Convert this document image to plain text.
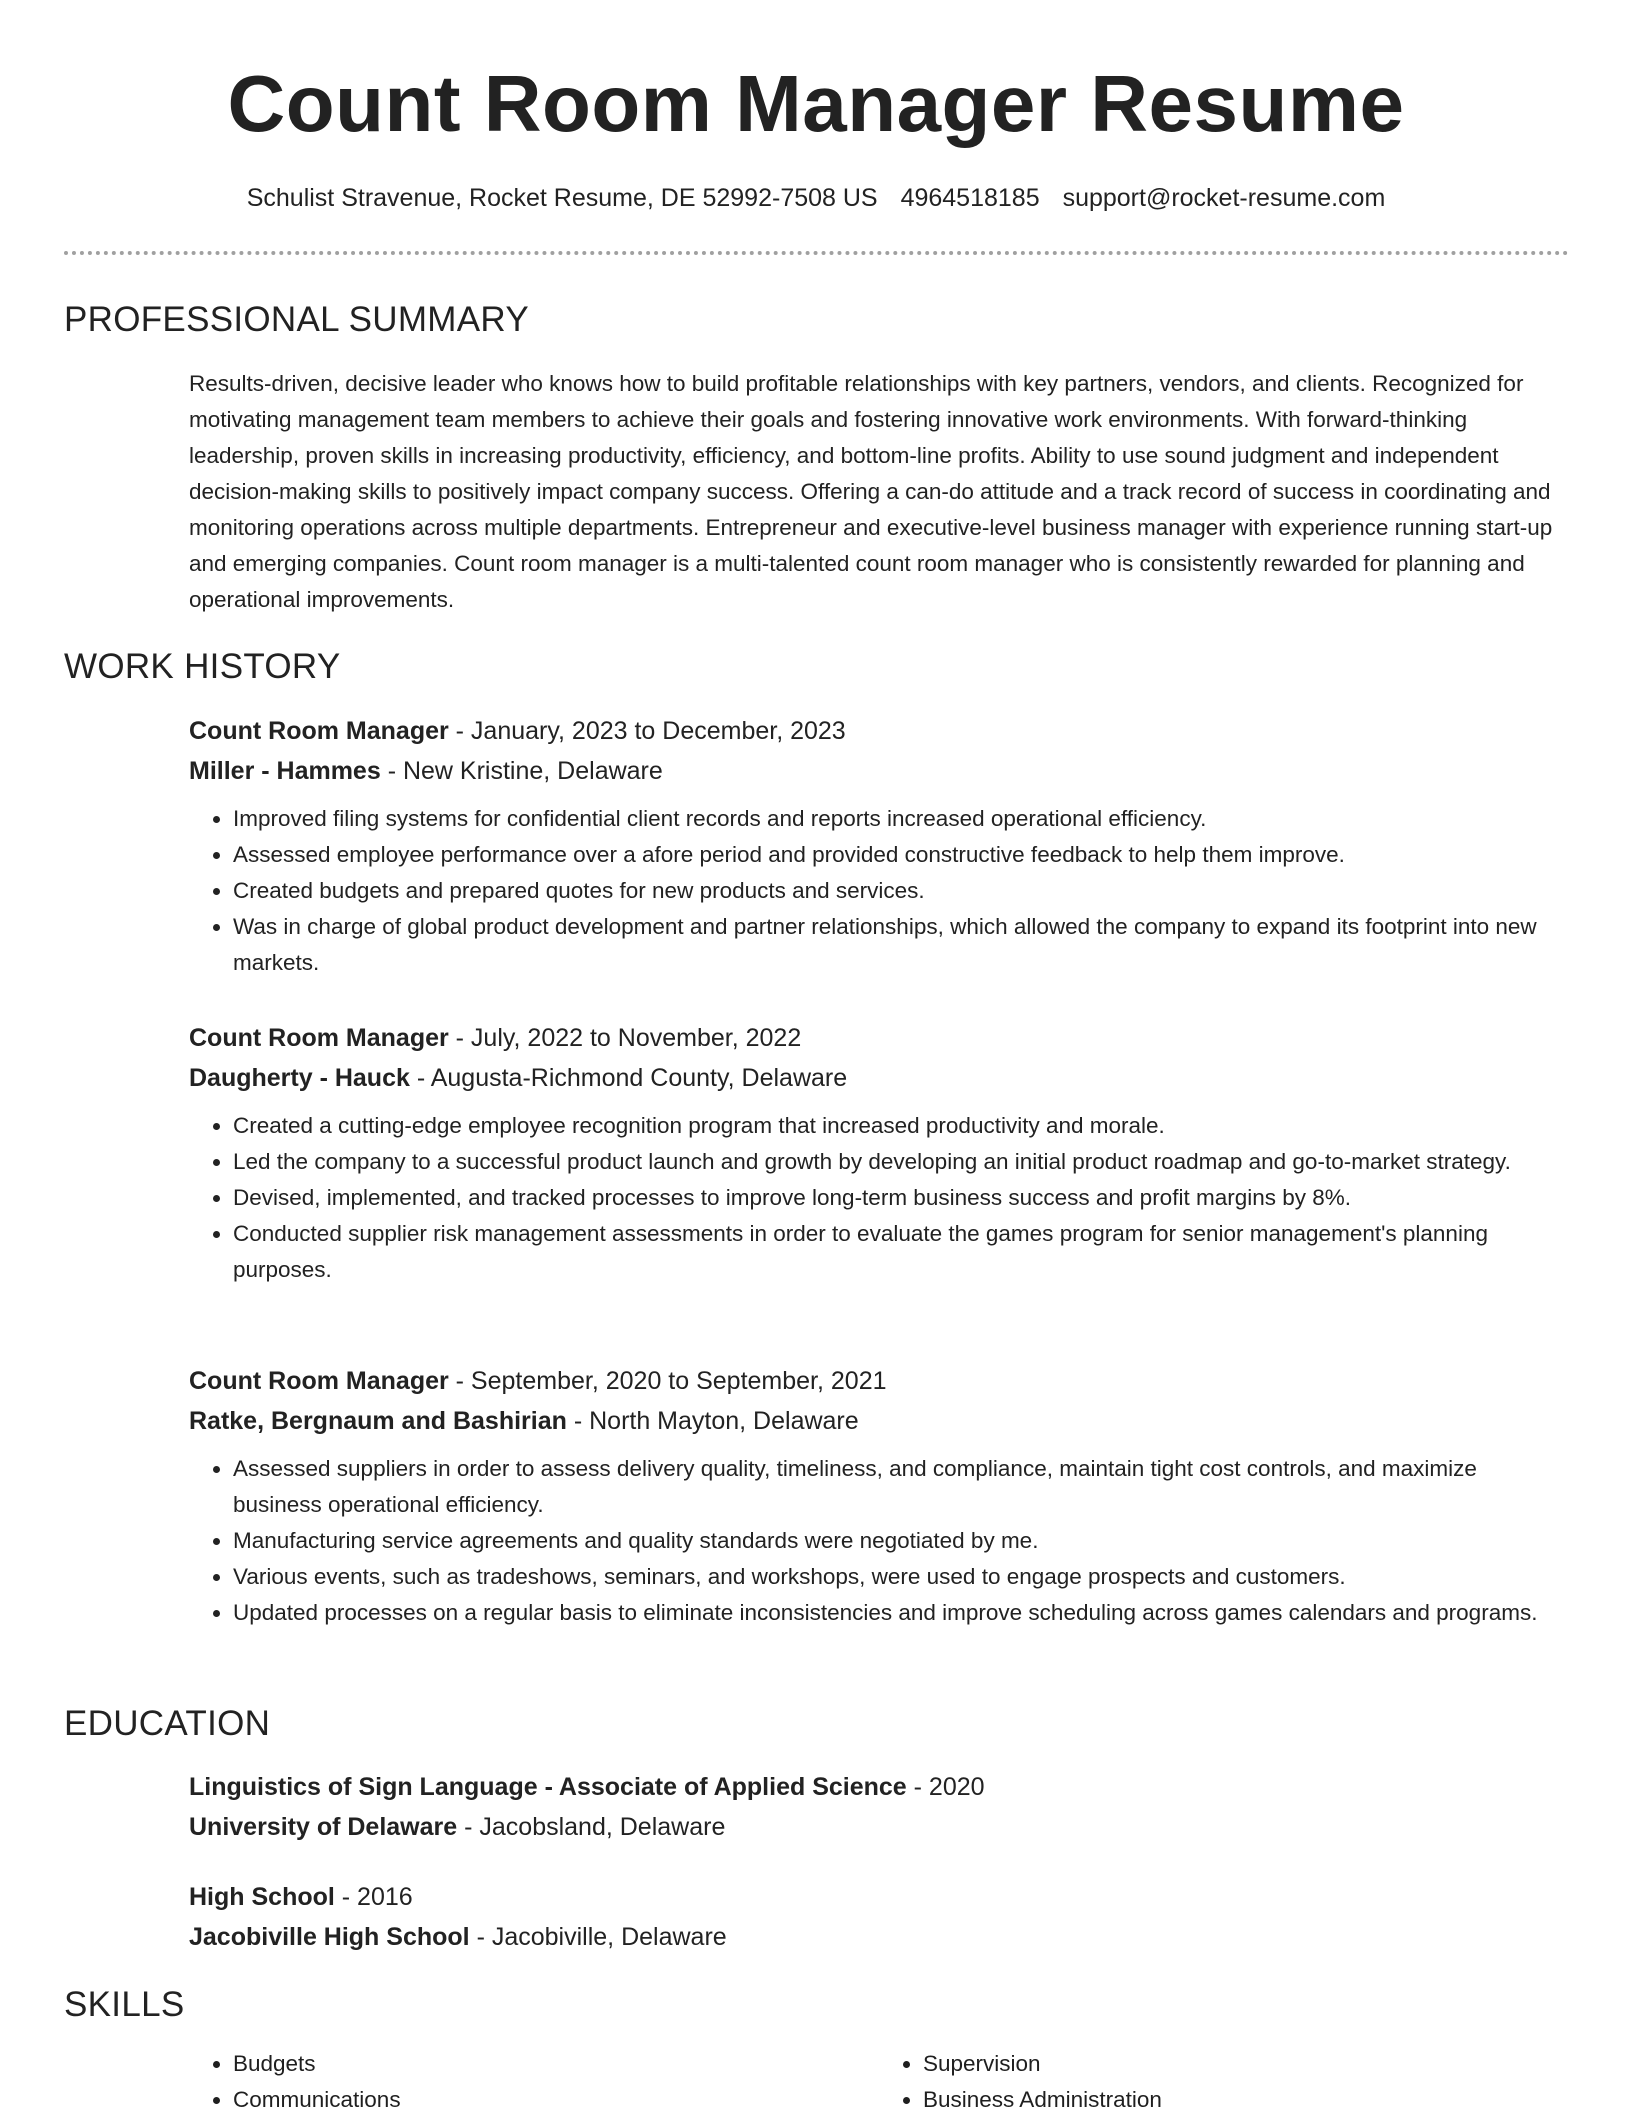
Count Room Manager Resume
Schulist Stravenue, Rocket Resume, DE 52992-7508 US 4964518185 support@rocket-resume.com
PROFESSIONAL SUMMARY

Results-driven, decisive leader who knows how to build profitable relationships with key partners, vendors, and clients. Recognized for motivating management team members to achieve their goals and fostering innovative work environments. With forward-thinking leadership, proven skills in increasing productivity, efficiency, and bottom-line profits. Ability to use sound judgment and independent decision-making skills to positively impact company success. Offering a can-do attitude and a track record of success in coordinating and monitoring operations across multiple departments. Entrepreneur and executive-level business manager with experience running start-up and emerging companies. Count room manager is a multi-talented count room manager who is consistently rewarded for planning and operational improvements.

WORK HISTORY
Count Room Manager - January, 2023 to December, 2023
Miller - Hammes - New Kristine, Delaware
• Improved filing systems for confidential client records and reports increased operational efficiency.
• Assessed employee performance over a afore period and provided constructive feedback to help them improve.
• Created budgets and prepared quotes for new products and services.
• Was in charge of global product development and partner relationships, which allowed the company to expand its footprint into new markets.
Count Room Manager - July, 2022 to November, 2022
Daugherty - Hauck - Augusta-Richmond County, Delaware
• Created a cutting-edge employee recognition program that increased productivity and morale.
• Led the company to a successful product launch and growth by developing an initial product roadmap and go-to-market strategy.
• Devised, implemented, and tracked processes to improve long-term business success and profit margins by 8%.
• Conducted supplier risk management assessments in order to evaluate the games program for senior management's planning purposes.
Count Room Manager - September, 2020 to September, 2021
Ratke, Bergnaum and Bashirian - North Mayton, Delaware
• Assessed suppliers in order to assess delivery quality, timeliness, and compliance, maintain tight cost controls, and maximize business operational efficiency.
• Manufacturing service agreements and quality standards were negotiated by me.
• Various events, such as tradeshows, seminars, and workshops, were used to engage prospects and customers.
• Updated processes on a regular basis to eliminate inconsistencies and improve scheduling across games calendars and programs.
EDUCATION
Linguistics of Sign Language - Associate of Applied Science - 2020
University of Delaware - Jacobsland, Delaware
High School - 2016
Jacobiville High School - Jacobiville, Delaware
SKILLS
• Budgets
• Communications
• Supervision
• Business Administration
